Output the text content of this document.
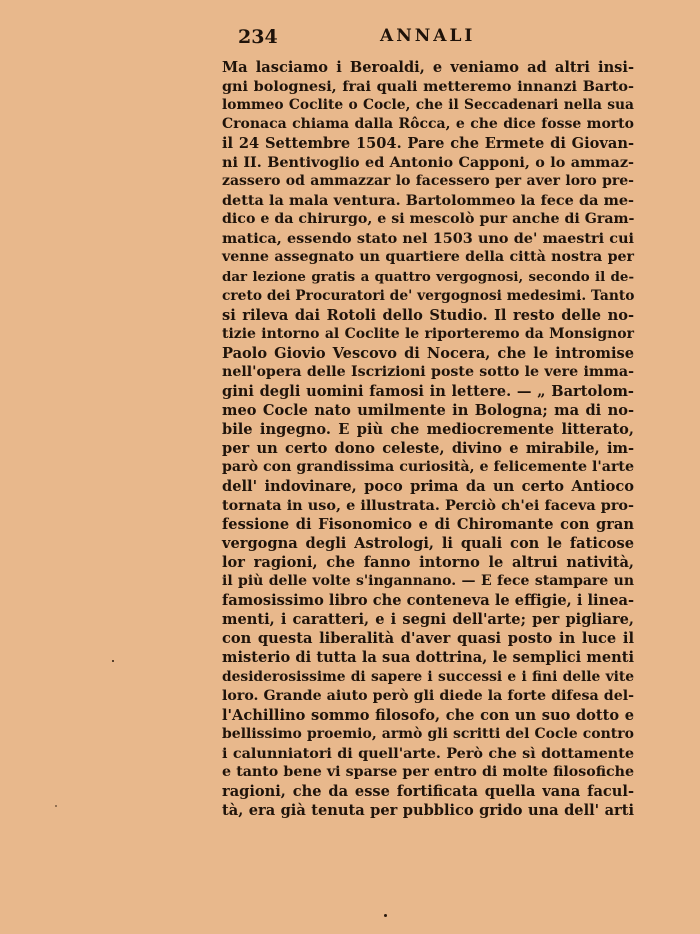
234	ANNALI
Ma lasciamo i Beroaldi, e veniamo ad altri insi-
gni bolognesi, frai quali metteremo innanzi Barto-
lommeo Coclite o Cocle, che il Seccadenari nella sua
Cronaca chiama dalla Rôcca, e che dice fosse morto
il 24 Settembre 1504. Pare che Ermete di Giovan-
ni II. Bentivoglio ed Antonio Capponi, o lo ammaz-
zassero od ammazzar lo facessero per aver loro pre-
detta la mala ventura. Bartolommeo la fece da me-
dico e da chirurgo, e si mescolò pur anche di Gram-
matica, essendo stato nel 1503 uno de' maestri cui
venne assegnato un quartiere della città nostra per
dar lezione gratis a quattro vergognosi, secondo il de-
creto dei Procuratori de' vergognosi medesimi. Tanto
si rileva dai Rotoli dello Studio. Il resto delle no-
tizie intorno al Coclite le riporteremo da Monsignor
Paolo Giovio Vescovo di Nocera, che le intromise
nell'opera delle Iscrizioni poste sotto le vere imma-
gini degli uomini famosi in lettere. — „ Bartolom-
meo Cocle nato umilmente in Bologna; ma di no-
bile ingegno. E più che mediocremente litterato,
per un certo dono celeste, divino e mirabile, im-
parò con grandissima curiosità, e felicemente l'arte
dell' indovinare, poco prima da un certo Antioco
tornata in uso, e illustrata. Perciò ch'ei faceva pro-
fessione di Fisonomico e di Chiromante con gran
vergogna degli Astrologi, li quali con le faticose
lor ragioni, che fanno intorno le altrui natività,
il più delle volte s'ingannano. — E fece stampare un
famosissimo libro che conteneva le effigie, i linea-
menti, i caratteri, e i segni dell'arte; per pigliare,
con questa liberalità d'aver quasi posto in luce il
misterio di tutta la sua dottrina, le semplici menti
desiderosissime di sapere i successi e i fini delle vite
loro. Grande aiuto però gli diede la forte difesa del-
l'Achillino sommo filosofo, che con un suo dotto e
bellissimo proemio, armò gli scritti del Cocle contro
i calunniatori di quell'arte. Però che sì dottamente
e tanto bene vi sparse per entro di molte filosofiche
ragioni, che da esse fortificata quella vana facul-
tà, era già tenuta per pubblico grido una dell' arti
